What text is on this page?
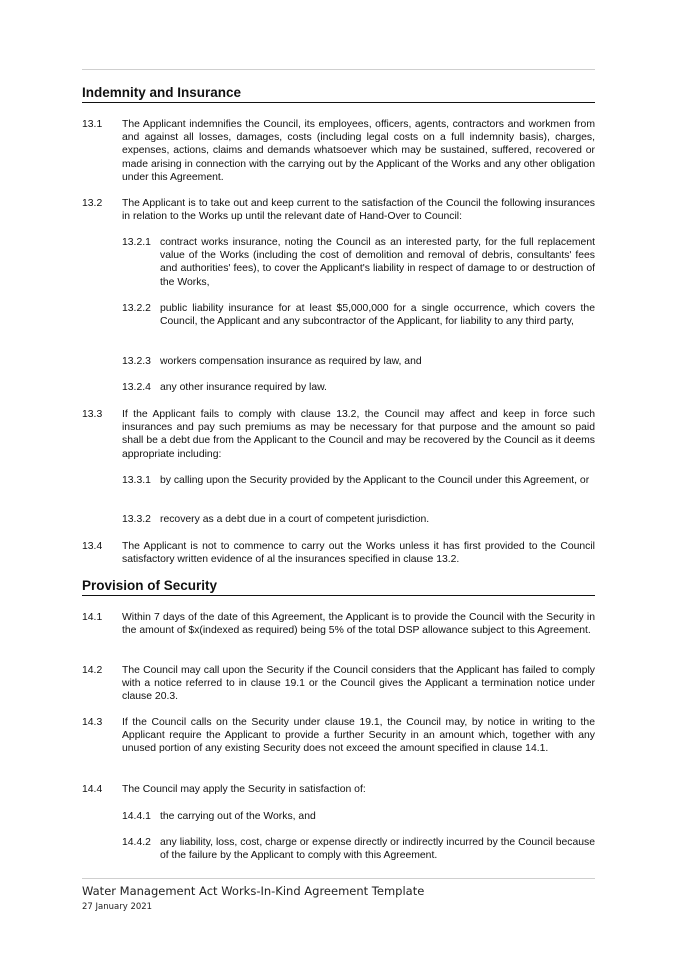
Indemnity and Insurance
13.1 The Applicant indemnifies the Council, its employees, officers, agents, contractors and workmen from and against all losses, damages, costs (including legal costs on a full indemnity basis), charges, expenses, actions, claims and demands whatsoever which may be sustained, suffered, recovered or made arising in connection with the carrying out by the Applicant of the Works and any other obligation under this Agreement.
13.2 The Applicant is to take out and keep current to the satisfaction of the Council the following insurances in relation to the Works up until the relevant date of Hand-Over to Council:
13.2.1 contract works insurance, noting the Council as an interested party, for the full replacement value of the Works (including the cost of demolition and removal of debris, consultants' fees and authorities' fees), to cover the Applicant's liability in respect of damage to or destruction of the Works,
13.2.2 public liability insurance for at least $5,000,000 for a single occurrence, which covers the Council, the Applicant and any subcontractor of the Applicant, for liability to any third party,
13.2.3 workers compensation insurance as required by law, and
13.2.4 any other insurance required by law.
13.3 If the Applicant fails to comply with clause 13.2, the Council may affect and keep in force such insurances and pay such premiums as may be necessary for that purpose and the amount so paid shall be a debt due from the Applicant to the Council and may be recovered by the Council as it deems appropriate including:
13.3.1 by calling upon the Security provided by the Applicant to the Council under this Agreement, or
13.3.2 recovery as a debt due in a court of competent jurisdiction.
13.4 The Applicant is not to commence to carry out the Works unless it has first provided to the Council satisfactory written evidence of al the insurances specified in clause 13.2.
Provision of Security
14.1 Within 7 days of the date of this Agreement, the Applicant is to provide the Council with the Security in the amount of $x(indexed as required) being 5% of the total DSP allowance subject to this Agreement.
14.2 The Council may call upon the Security if the Council considers that the Applicant has failed to comply with a notice referred to in clause 19.1 or the Council gives the Applicant a termination notice under clause 20.3.
14.3 If the Council calls on the Security under clause 19.1, the Council may, by notice in writing to the Applicant require the Applicant to provide a further Security in an amount which, together with any unused portion of any existing Security does not exceed the amount specified in clause 14.1.
14.4 The Council may apply the Security in satisfaction of:
14.4.1 the carrying out of the Works, and
14.4.2 any liability, loss, cost, charge or expense directly or indirectly incurred by the Council because of the failure by the Applicant to comply with this Agreement.
Water Management Act Works-In-Kind Agreement Template
27 January 2021
